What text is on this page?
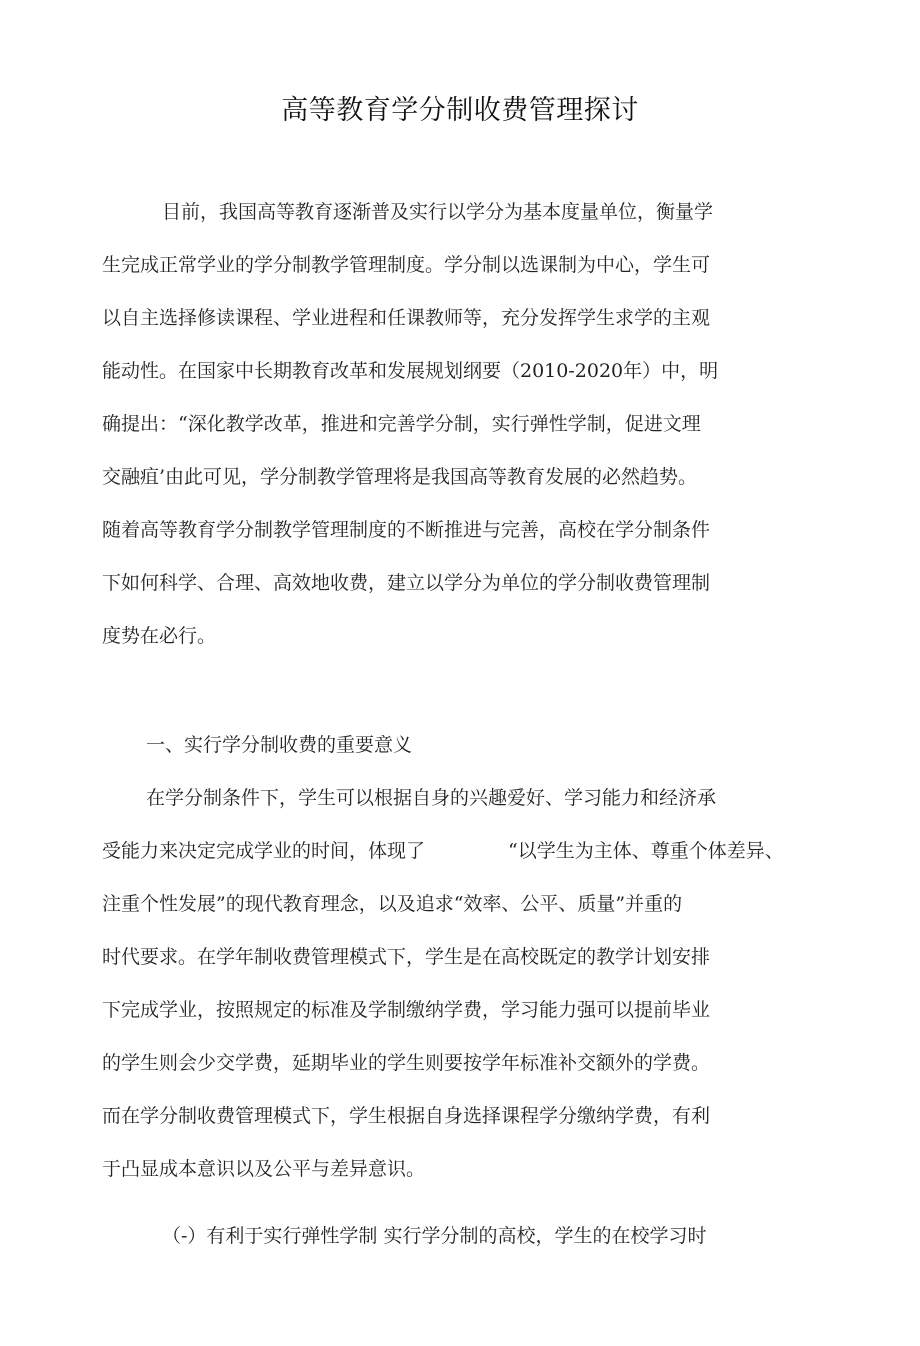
高等教育学分制收费管理探讨
目前，我国高等教育逐渐普及实行以学分为基本度量单位，衡量学
生完成正常学业的学分制教学管理制度。学分制以选课制为中心，学生可
以自主选择修读课程、学业进程和任课教师等，充分发挥学生求学的主观
能动性。在国家中长期教育改革和发展规划纲要（2010-2020年）中，明
确提出：“深化教学改革，推进和完善学分制，实行弹性学制，促进文理
交融疽’由此可见，学分制教学管理将是我国高等教育发展的必然趋势。
随着高等教育学分制教学管理制度的不断推进与完善，高校在学分制条件
下如何科学、合理、高效地收费，建立以学分为单位的学分制收费管理制
度势在必行。
一、实行学分制收费的重要意义
在学分制条件下，学生可以根据自身的兴趣爱好、学习能力和经济承
受能力来决定完成学业的时间，体现了	“以学生为主体、尊重个体差异、
注重个性发展”的现代教育理念，以及追求“效率、公平、质量”并重的
时代要求。在学年制收费管理模式下，学生是在高校既定的教学计划安排
下完成学业，按照规定的标准及学制缴纳学费，学习能力强可以提前毕业
的学生则会少交学费，延期毕业的学生则要按学年标准补交额外的学费。
而在学分制收费管理模式下，学生根据自身选择课程学分缴纳学费，有利
于凸显成本意识以及公平与差异意识。
（-）有利于实行弹性学制 实行学分制的高校，学生的在校学习时
